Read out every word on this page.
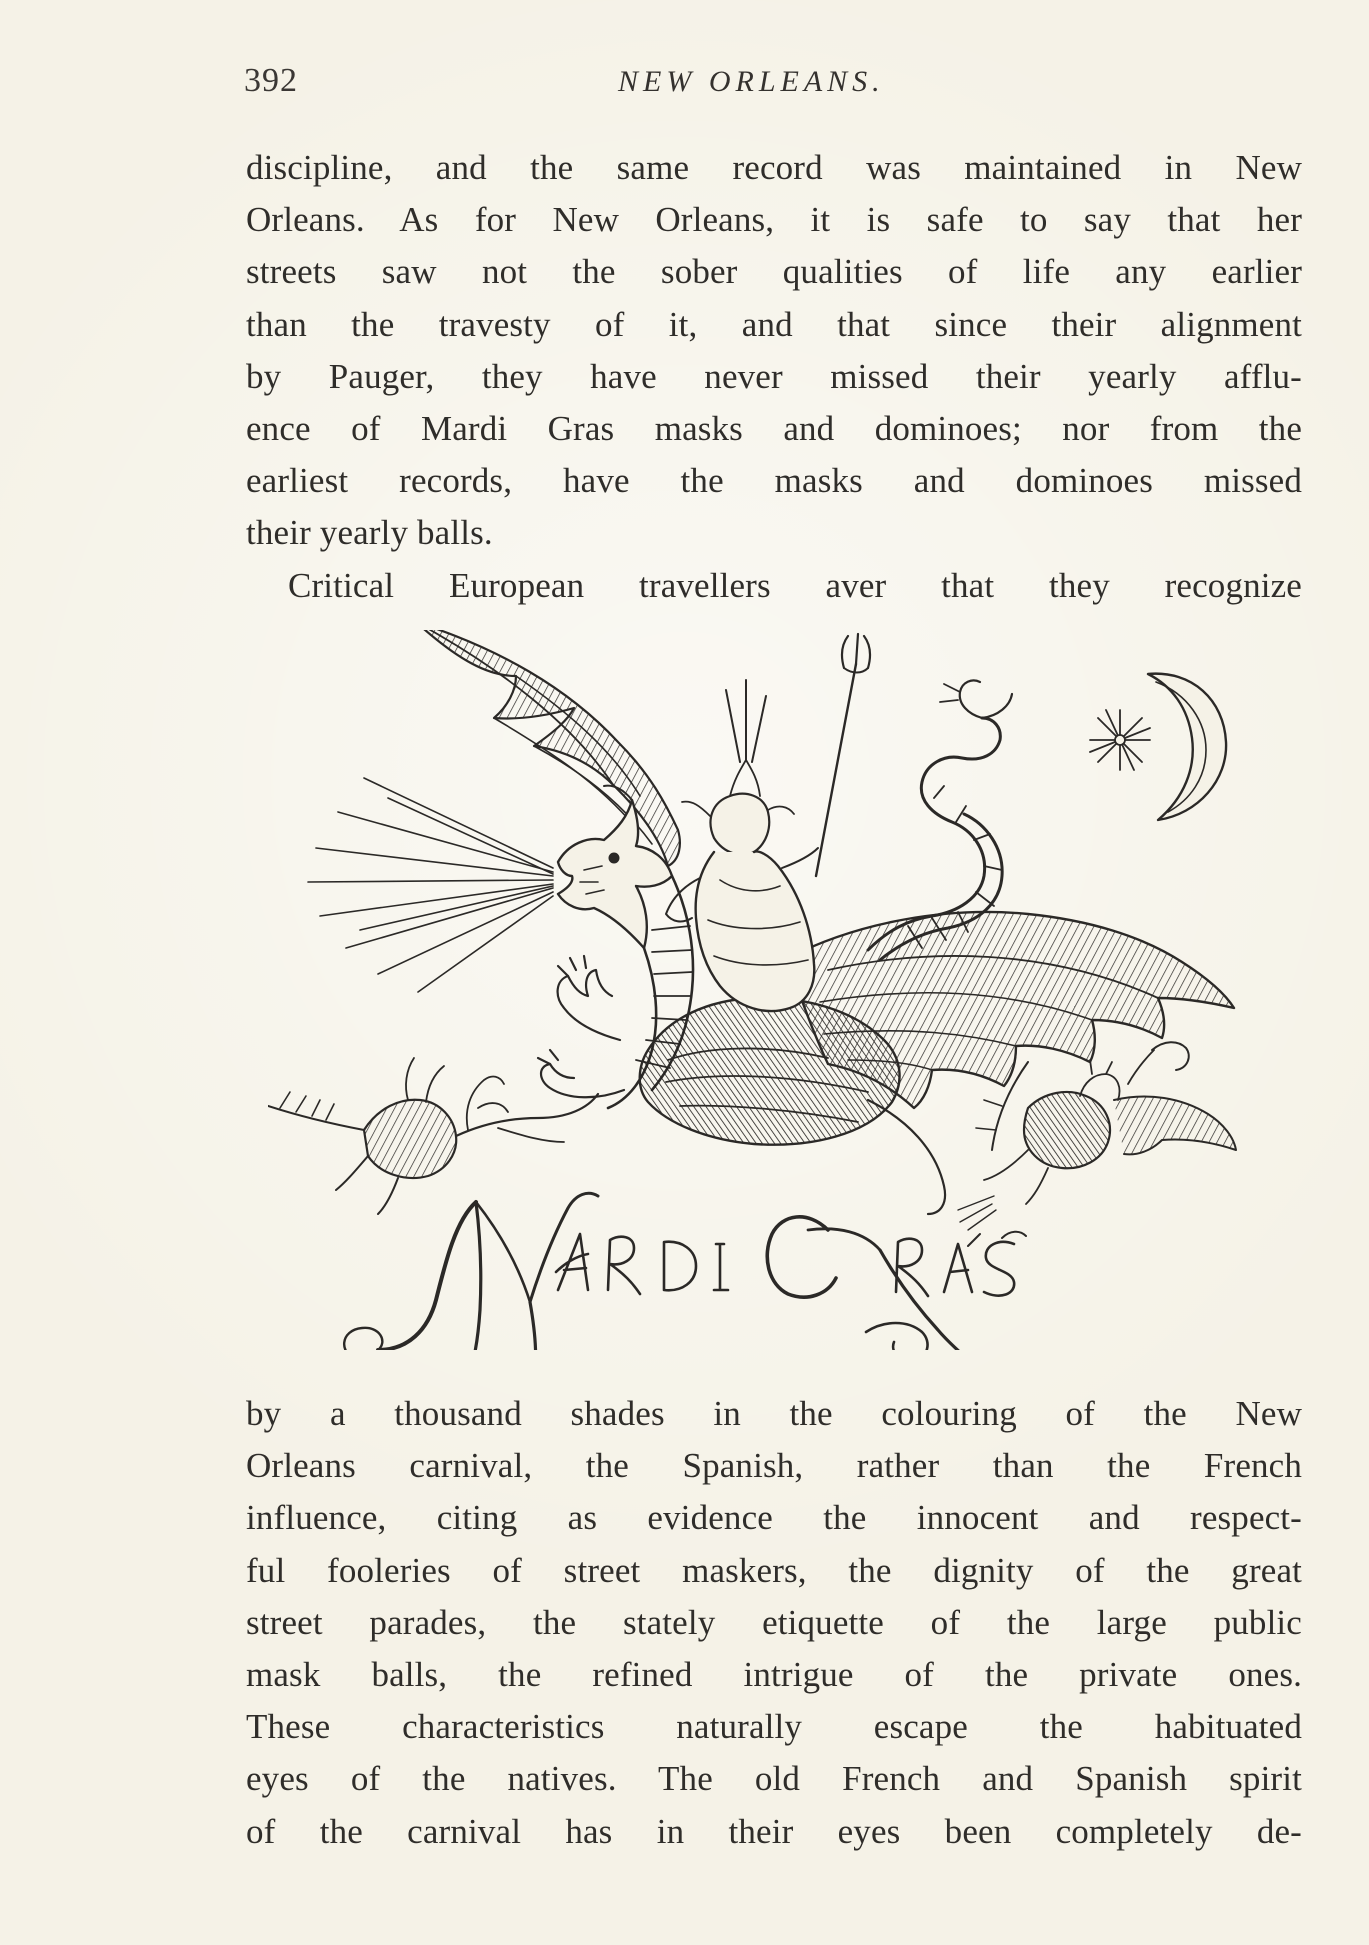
392	NEW ORLEANS.
discipline, and the same record was maintained in New
Orleans. As for New Orleans, it is safe to say that her
streets saw not the sober qualities of life any earlier
than the travesty of it, and that since their alignment
by Pauger, they have never missed their yearly afflu-
ence of Mardi Gras masks and dominoes; nor from the
earliest records, have the masks and dominoes missed
their yearly balls.
Critical European travellers aver that they recognize
by a thousand shades in the colouring of the New
Orleans carnival, the Spanish, rather than the French
influence, citing as evidence the innocent and respect-
ful fooleries of street maskers, the dignity of the great
street parades, the stately etiquette of the large public
mask balls, the refined intrigue of the private ones.
These characteristics naturally escape the habituated
eyes of the natives. The old French and Spanish spirit
of the carnival has in their eyes been completely de-
